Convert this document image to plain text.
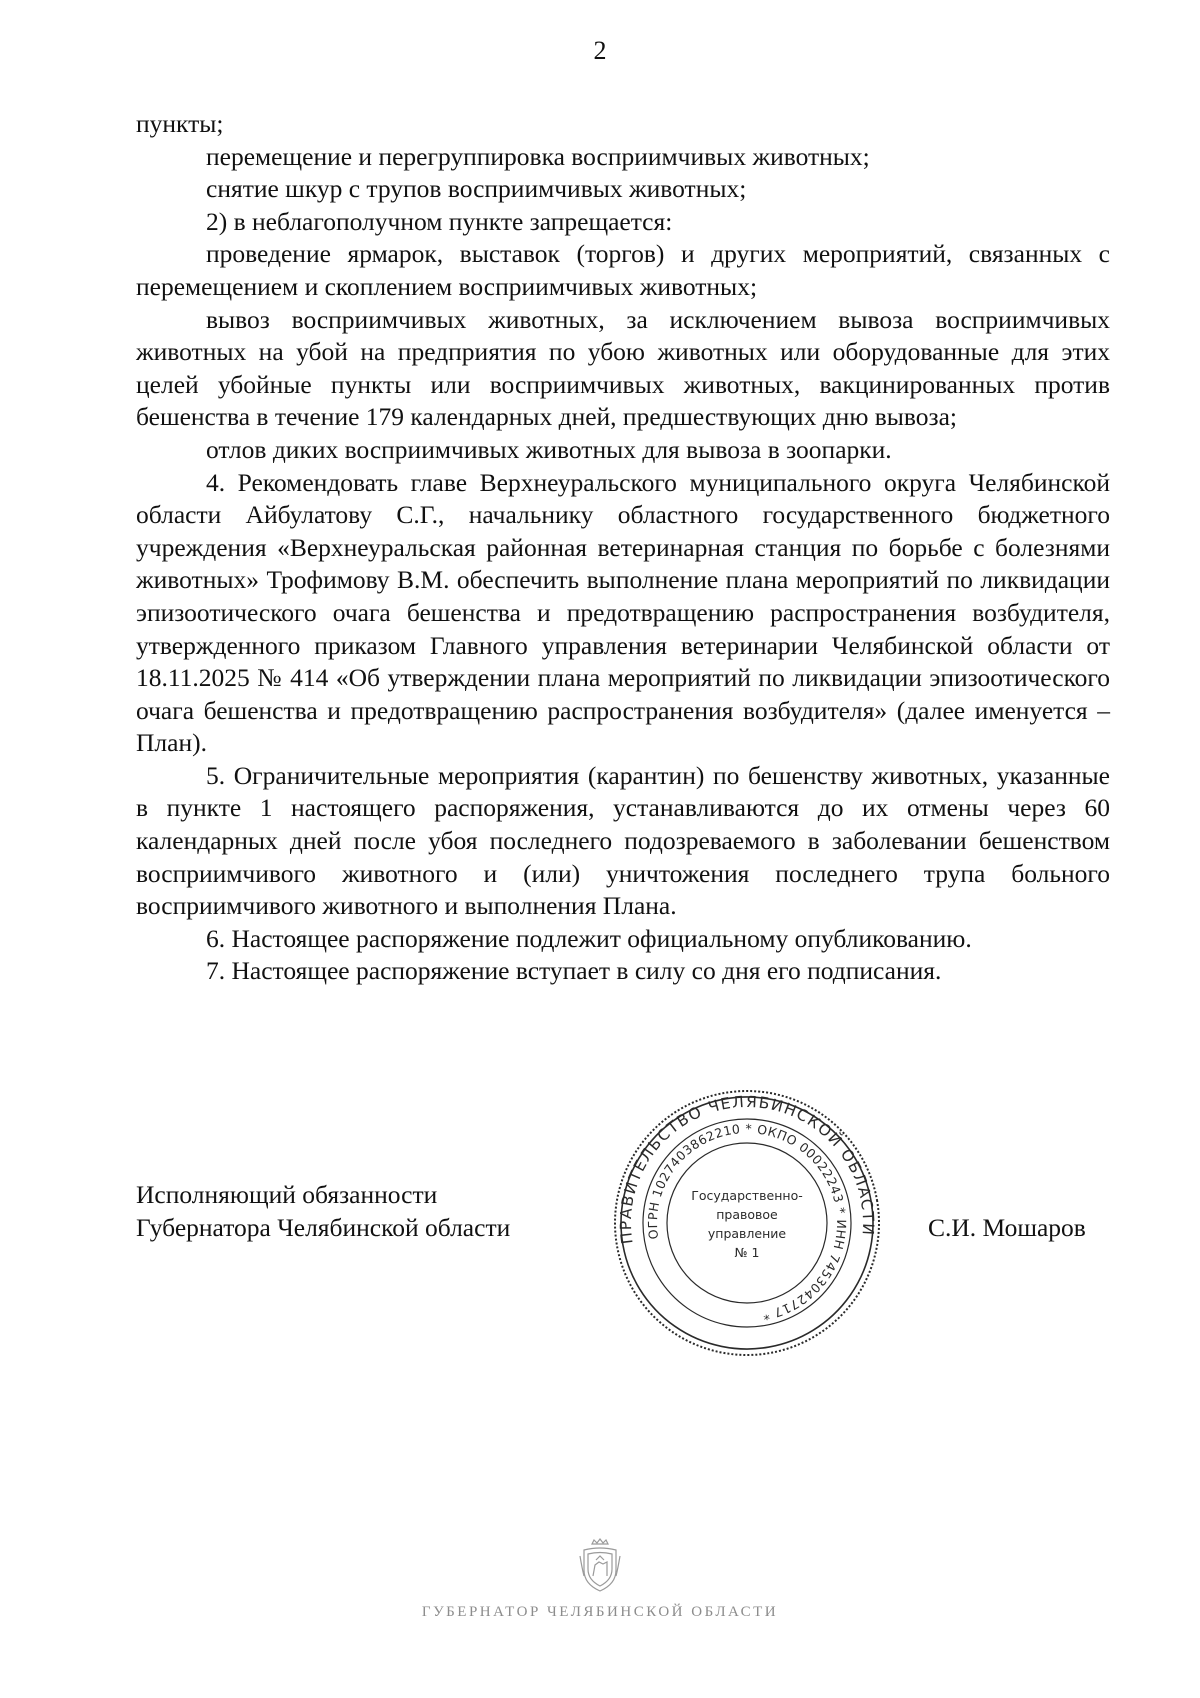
2

пункты;

перемещение и перегруппировка восприимчивых животных;

снятие шкур с трупов восприимчивых животных;

2) в неблагополучном пункте запрещается:

проведение ярмарок, выставок (торгов) и других мероприятий, связанных с перемещением и скоплением восприимчивых животных;

вывоз восприимчивых животных, за исключением вывоза восприимчивых животных на убой на предприятия по убою животных или оборудованные для этих целей убойные пункты или восприимчивых животных, вакцинированных против бешенства в течение 179 календарных дней, предшествующих дню вывоза;

отлов диких восприимчивых животных для вывоза в зоопарки.

4. Рекомендовать главе Верхнеуральского муниципального округа Челябинской области Айбулатову С.Г., начальнику областного государственного бюджетного учреждения «Верхнеуральская районная ветеринарная станция по борьбе с болезнями животных» Трофимову В.М. обеспечить выполнение плана мероприятий по ликвидации эпизоотического очага бешенства и предотвращению распространения возбудителя, утвержденного приказом Главного управления ветеринарии Челябинской области от 18.11.2025 № 414 «Об утверждении плана мероприятий по ликвидации эпизоотического очага бешенства и предотвращению распространения возбудителя» (далее именуется – План).

5. Ограничительные мероприятия (карантин) по бешенству животных, указанные в пункте 1 настоящего распоряжения, устанавливаются до их отмены через 60 календарных дней после убоя последнего подозреваемого в заболевании бешенством восприимчивого животного и (или) уничтожения последнего трупа больного восприимчивого животного и выполнения Плана.

6. Настоящее распоряжение подлежит официальному опубликованию.

7. Настоящее распоряжение вступает в силу со дня его подписания.

Исполняющий обязанности
Губернатора Челябинской области	С.И. Мошаров
ПРАВИТЕЛЬСТВО ЧЕЛЯБИНСКОЙ ОБЛАСТИ
ОГРН 1027403862210 * ОКПО 00022243 * ИНН 7453042717 *
Государственно-
правовое
управление
№ 1
ГУБЕРНАТОР ЧЕЛЯБИНСКОЙ ОБЛАСТИ
